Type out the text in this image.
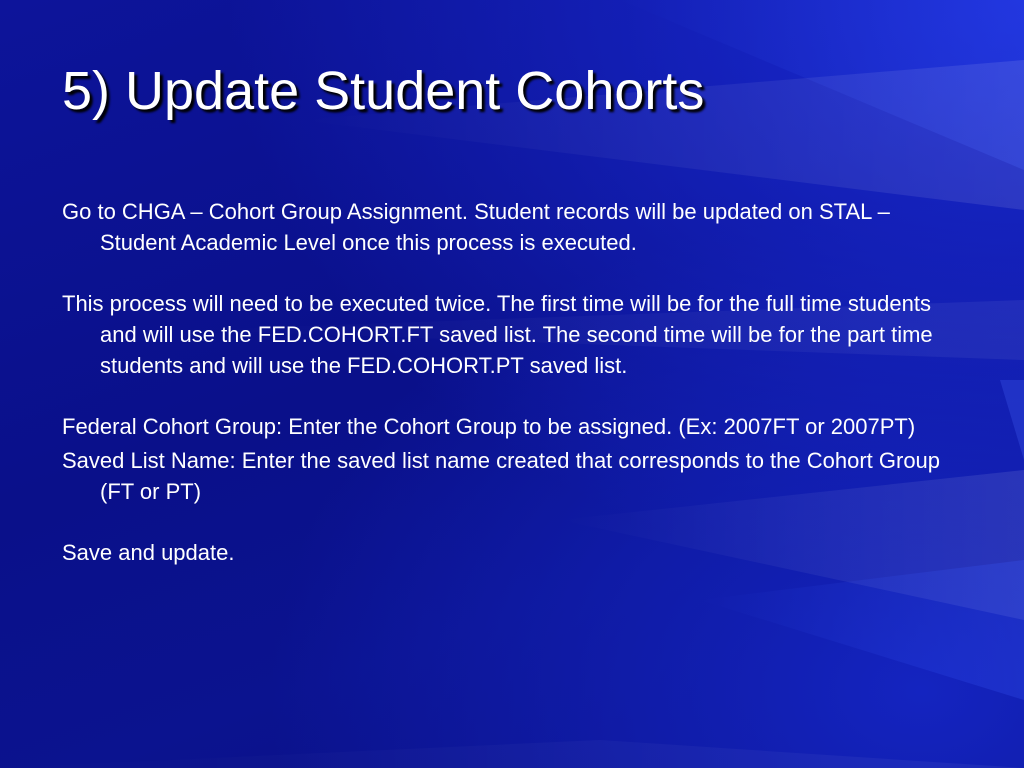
5) Update Student Cohorts

Go to CHGA – Cohort Group Assignment. Student records will be updated on STAL – Student Academic Level once this process is executed.

This process will need to be executed twice. The first time will be for the full time students and will use the FED.COHORT.FT saved list. The second time will be for the part time students and will use the FED.COHORT.PT saved list.

Federal Cohort Group: Enter the Cohort Group to be assigned. (Ex: 2007FT or 2007PT)

Saved List Name: Enter the saved list name created that corresponds to the Cohort Group (FT or PT)

Save and update.
